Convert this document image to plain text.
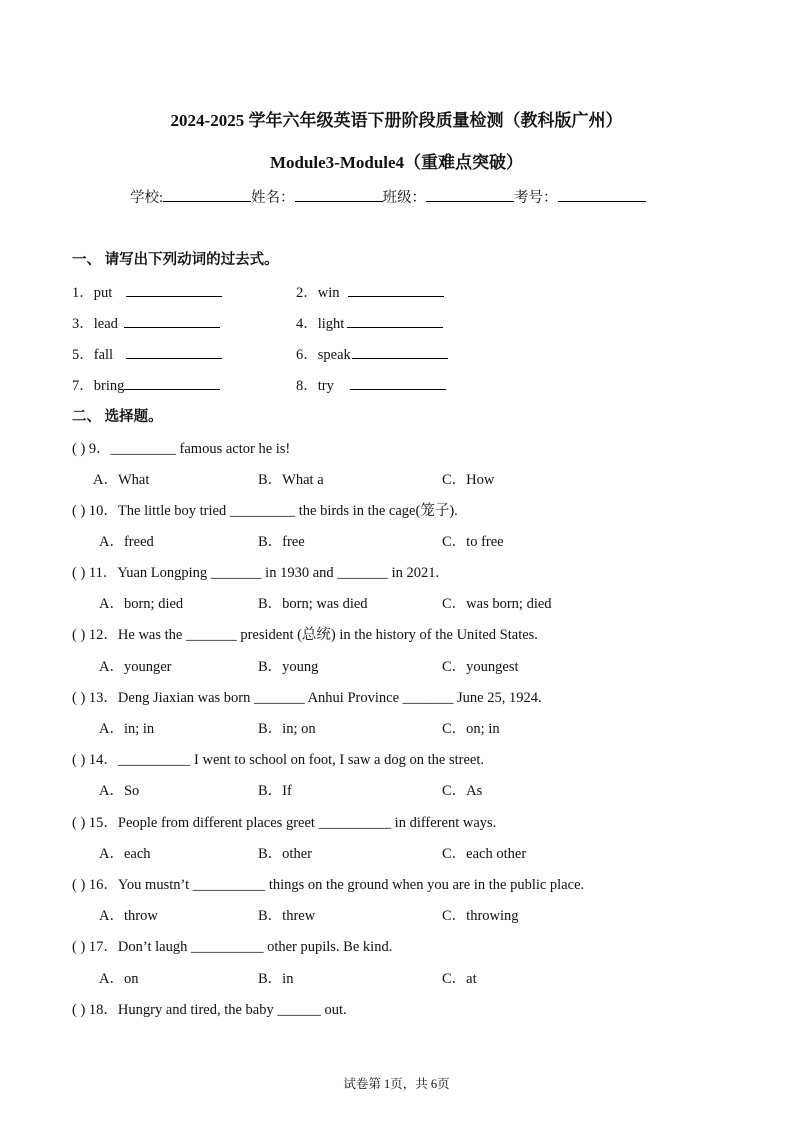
2024-2025 学年六年级英语下册阶段质量检测（教科版广州）
Module3-Module4（重难点突破）
学校:	姓名：	班级：	考号：
一、 请写出下列动词的过去式。
1．put	2．win
3．lead	4．light
5．fall	6．speak
7．bring	8．try
二、 选择题。
( ) 9．_________ famous actor he is!
A．What	B．What a	C．How
( ) 10．The little boy tried _________ the birds in the cage(笼子).
A．freed	B．free	C．to free
( ) 11．Yuan Longping _______ in 1930 and _______ in 2021.
A．born; died	B．born; was died	C．was born; died
( ) 12．He was the _______ president (总统) in the history of the United States.
A．younger	B．young	C．youngest
( ) 13．Deng Jiaxian was born _______ Anhui Province _______ June 25, 1924.
A．in; in	B．in; on	C．on; in
( ) 14．__________ I went to school on foot, I saw a dog on the street.
A．So	B．If	C．As
( ) 15．People from different places greet __________ in different ways.
A．each	B．other	C．each other
( ) 16．You mustn’t __________ things on the ground when you are in the public place.
A．throw	B．threw	C．throwing
( ) 17．Don’t laugh __________ other pupils. Be kind.
A．on	B．in	C．at
( ) 18．Hungry and tired, the baby ______ out.
试卷第 1页，共 6页
